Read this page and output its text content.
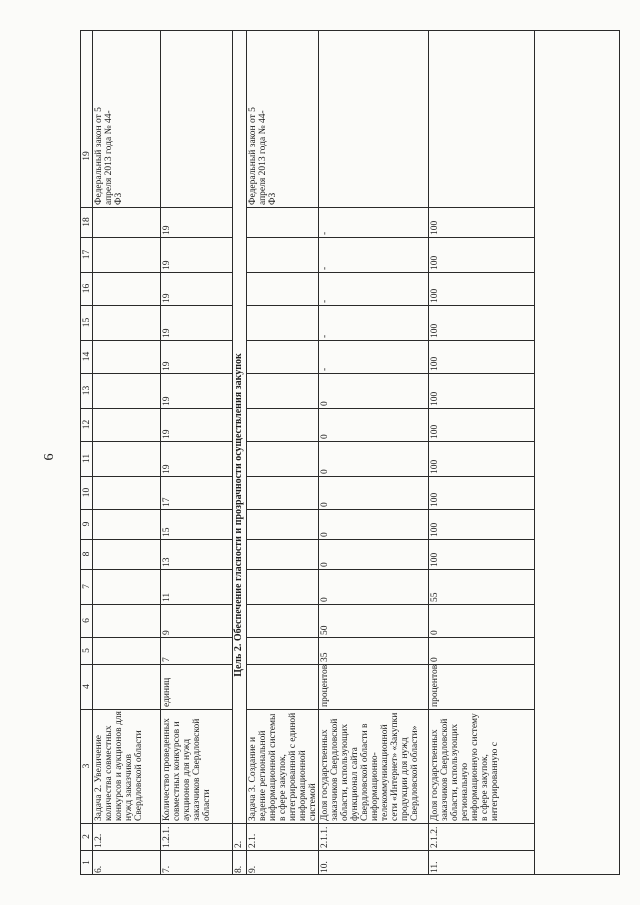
6
1
2
3
4
5
6
7
8
9
10
11
12
13
14
15
16
17
18
19
6.
1.2.
Задача 2. Увеличение количества совместных конкурсов и аукционов для нужд заказчиков Свердловской области
Федеральный закон от 5 апреля 2013 года № 44-ФЗ
7.
1.2.1.
Количество проведенных совместных конкурсов и аукционов для нужд заказчиков Свердловской области
единиц
7
9
11
13
15
17
19
19
19
19
19
19
19
19
8.
2.
Цель 2. Обеспечение гласности и прозрачности осуществления закупок
9.
2.1.
Задача 3. Создание и ведение региональной информационной системы в сфере закупок, интегрированной с единой информационной системой
Федеральный закон от 5 апреля 2013 года № 44-ФЗ
10.
2.1.1.
Доля государственных заказчиков Свердловской области, использующих функционал сайта Свердловской области в информационно-телекоммуникационной сети «Интернет» «Закупки продукции для нужд Свердловской области»
процентов
35
50
0
0
0
0
0
0
0
-
-
-
-
-
11.
2.1.2.
Доля государственных заказчиков Свердловской области, использующих региональную информационную систему в сфере закупок, интегрированную с
процентов
0
0
55
100
100
100
100
100
100
100
100
100
100
100
